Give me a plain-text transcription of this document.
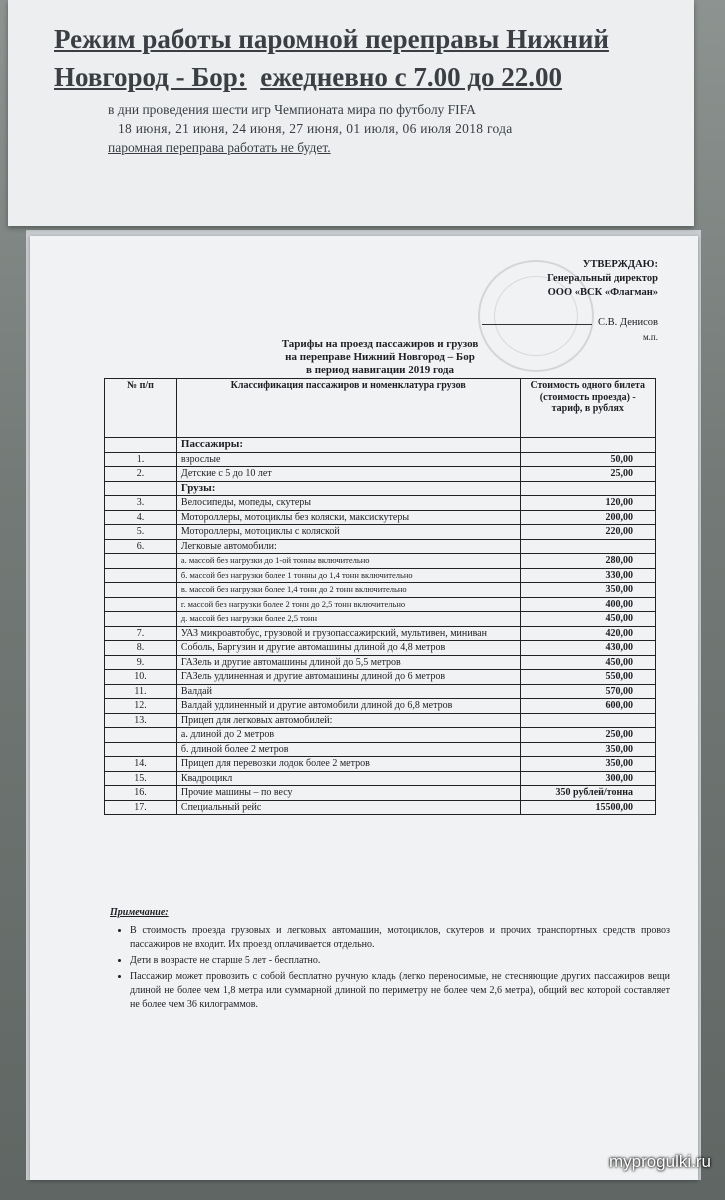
Режим работы паромной переправы Нижний
Новгород - Бор: ежедневно с 7.00 до 22.00
в дни проведения шести игр Чемпионата мира по футболу FIFA
18 июня, 21 июня, 24 июня, 27 июня, 01 июля, 06 июля 2018 года
паромная переправа работать не будет.
УТВЕРЖДАЮ:
Генеральный директор
ООО «ВСК «Флагман»
С.В. Денисов
м.п.
Тарифы на проезд пассажиров и грузов
на переправе Нижний Новгород – Бор
в период навигации 2019 года
№ п/п	Классификация пассажиров и номенклатура грузов	Стоимость одного билета (стоимость проезда) - тариф, в рублях
	Пассажиры:	
1.	взрослые	50,00
2.	Детские с 5 до 10 лет	25,00
	Грузы:	
3.	Велосипеды, мопеды, скутеры	120,00
4.	Мотороллеры, мотоциклы без коляски, максискутеры	200,00
5.	Мотороллеры, мотоциклы с коляской	220,00
6.	Легковые автомобили:	
	а. массой без нагрузки до 1-ой тонны включительно	280,00
	б. массой без нагрузки более 1 тонны до 1,4 тонн включительно	330,00
	в. массой без нагрузки более 1,4 тонн до 2 тонн включительно	350,00
	г. массой без нагрузки более 2 тонн до 2,5 тонн включительно	400,00
	д. массой без нагрузки более 2,5 тонн	450,00
7.	УАЗ микроавтобус, грузовой и грузопассажирский, мультивен, миниван	420,00
8.	Соболь, Баргузин и другие автомашины длиной до 4,8 метров	430,00
9.	ГАЗель и другие автомашины длиной до 5,5 метров	450,00
10.	ГАЗель удлиненная и другие автомашины длиной до 6 метров	550,00
11.	Валдай	570,00
12.	Валдай удлиненный и другие автомобили длиной до 6,8 метров	600,00
13.	Прицеп для легковых автомобилей:	
	а. длиной до 2 метров	250,00
	б. длиной более 2 метров	350,00
14.	Прицеп для перевозки лодок более 2 метров	350,00
15.	Квадроцикл	300,00
16.	Прочие машины – по весу	350 рублей/тонна
17.	Специальный рейс	15500,00
Примечание:
• В стоимость проезда грузовых и легковых автомашин, мотоциклов, скутеров и прочих транспортных средств провоз пассажиров не входит. Их проезд оплачивается отдельно.
• Дети в возрасте не старше 5 лет - бесплатно.
• Пассажир может провозить с собой бесплатно ручную кладь (легко переносимые, не стесняющие других пассажиров вещи длиной не более чем 1,8 метра или суммарной длиной по периметру не более чем 2,6 метра), общий вес которой составляет не более чем 36 килограммов.
myprogulki.ru
